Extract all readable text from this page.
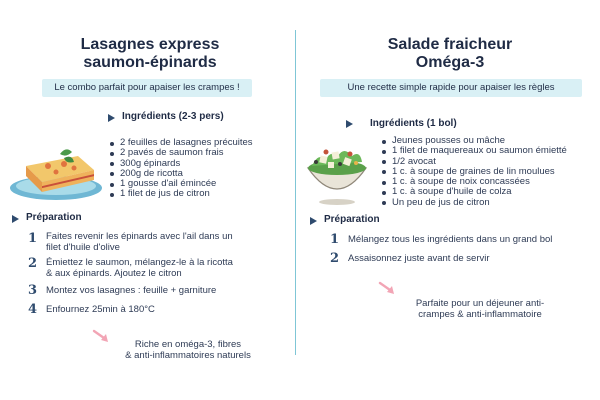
Lasagnes express
saumon-épinards
Le combo parfait pour apaiser les crampes !
Ingrédients (2-3 pers)
2 feuilles de lasagnes précuites
2 pavés de saumon frais
300g épinards
200g de ricotta
1 gousse d'ail émincée
1 filet de jus de citron
Préparation
1 Faites revenir les épinards avec l'ail dans un
filet d'huile d'olive
2 Émiettez le saumon, mélangez-le à la ricotta
& aux épinards. Ajoutez le citron
3 Montez vos lasagnes : feuille + garniture
4 Enfournez 25min à 180°C
Riche en oméga-3, fibres
& anti-inflammatoires naturels
Salade fraicheur
Oméga-3
Une recette simple rapide pour apaiser les règles
Ingrédients (1 bol)
Jeunes pousses ou mâche
1 filet de maquereaux ou saumon émietté
1/2 avocat
1 c. à soupe de graines de lin moulues
1 c. à soupe de noix concassées
1 c. à soupe d'huile de colza
Un peu de jus de citron
Préparation
1 Mélangez tous les ingrédients dans un grand bol
2 Assaisonnez juste avant de servir
Parfaite pour un déjeuner anti-
crampes & anti-inflammatoire
